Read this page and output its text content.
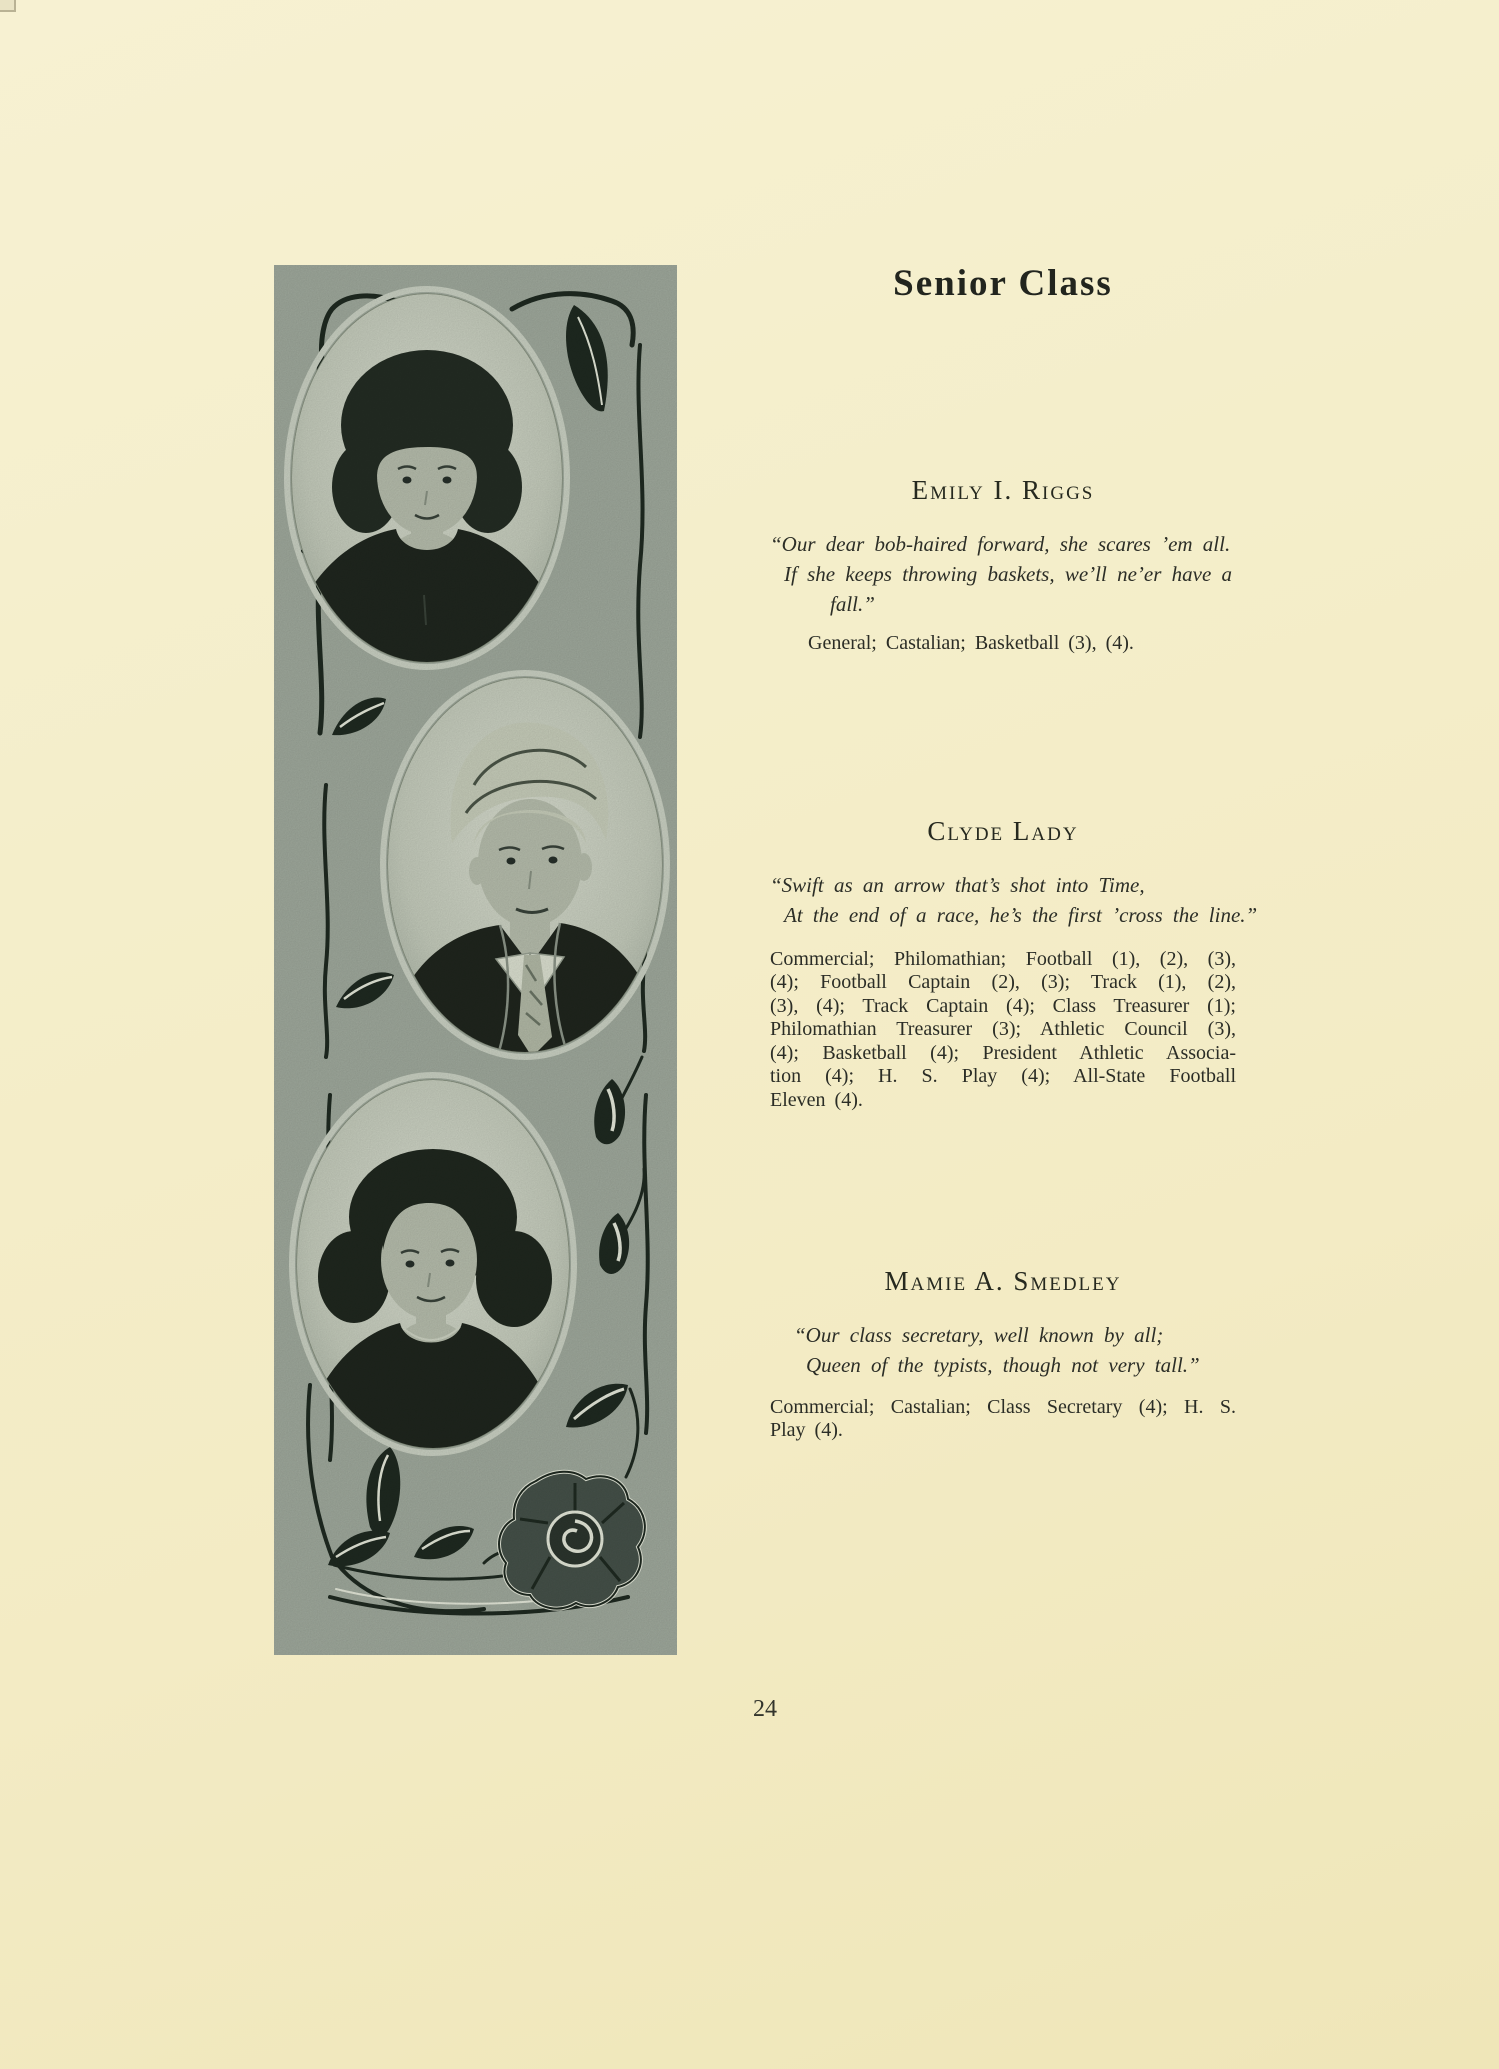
Senior Class
Emily I. Riggs
“Our dear bob-haired forward, she scares ’em all.
If she keeps throwing baskets, we’ll ne’er have a
fall.”
General; Castalian; Basketball (3), (4).
Clyde Lady
“Swift as an arrow that’s shot into Time,
At the end of a race, he’s the first ’cross the line.”
Commercial; Philomathian; Football (1), (2), (3),
(4); Football Captain (2), (3); Track (1), (2),
(3), (4); Track Captain (4); Class Treasurer (1);
Philomathian Treasurer (3); Athletic Council (3),
(4); Basketball (4); President Athletic Associa-
tion (4); H. S. Play (4); All-State Football
Eleven (4).
Mamie A. Smedley
“Our class secretary, well known by all;
Queen of the typists, though not very tall.”
Commercial; Castalian; Class Secretary (4); H. S.
Play (4).
24
